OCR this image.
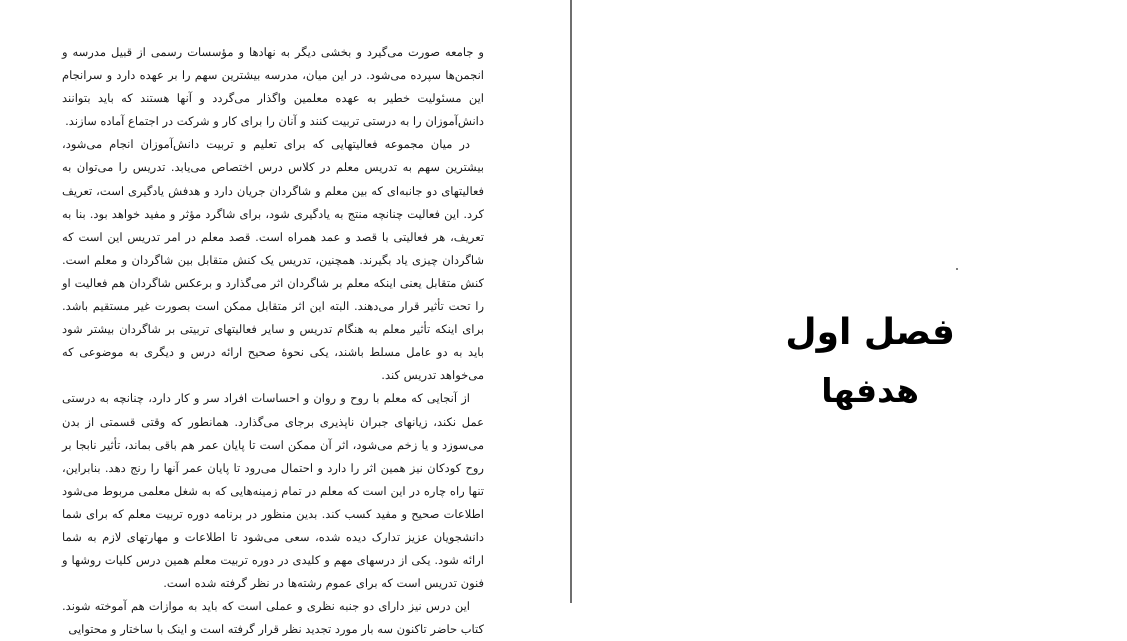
و جامعه صورت می‌گیرد و بخشی دیگر به نهادها و مؤسسات رسمی از قبیل مدرسه و انجمن‌ها سپرده می‌شود. در این میان، مدرسه بیشترین سهم را بر عهده دارد و سرانجام این مسئولیت خطیر به عهده معلمین واگذار می‌گردد و آنها هستند که باید بتوانند دانش‌آموزان را به درستی تربیت کنند و آنان را برای کار و شرکت در اجتماع آماده سازند.

در میان مجموعه فعالیتهایی که برای تعلیم و تربیت دانش‌آموزان انجام می‌شود، بیشترین سهم به تدریس معلم در کلاس درس اختصاص می‌یابد. تدریس را می‌توان به فعالیتهای دو جانبه‌ای که بین معلم و شاگردان جریان دارد و هدفش یادگیری است، تعریف کرد. این فعالیت چنانچه منتج به یادگیری شود، برای شاگرد مؤثر و مفید خواهد بود. بنا به تعریف، هر فعالیتی با قصد و عمد همراه است. قصد معلم در امر تدریس این است که شاگردان چیزی یاد بگیرند. همچنین، تدریس یک کنش متقابل بین شاگردان و معلم است. کنش متقابل یعنی اینکه معلم بر شاگردان اثر می‌گذارد و برعکس شاگردان هم فعالیت او را تحت تأثیر قرار می‌دهند. البته این اثر متقابل ممکن است بصورت غیر مستقیم باشد. برای اینکه تأثیر معلم به هنگام تدریس و سایر فعالیتهای تربیتی بر شاگردان بیشتر شود باید به دو عامل مسلط باشند، یکی نحوهٔ صحیح ارائه درس و دیگری به موضوعی که می‌خواهد تدریس کند.

از آنجایی که معلم با روح و روان و احساسات افراد سر و کار دارد، چنانچه به درستی عمل نکند، زیانهای جبران ناپذیری برجای می‌گذارد. همانطور که وقتی قسمتی از بدن می‌سوزد و یا زخم می‌شود، اثر آن ممکن است تا پایان عمر هم باقی بماند، تأثیر نابجا بر روح کودکان نیز همین اثر را دارد و احتمال می‌رود تا پایان عمر آنها را رنج دهد. بنابراین، تنها راه چاره در این است که معلم در تمام زمینه‌هایی که به شغل معلمی مربوط می‌شود اطلاعات صحیح و مفید کسب کند. بدین منظور در برنامه دوره تربیت معلم که برای شما دانشجویان عزیز تدارک دیده شده، سعی می‌شود تا اطلاعات و مهارتهای لازم به شما ارائه شود. یکی از درسهای مهم و کلیدی در دوره تربیت معلم همین درس کلیات روشها و فنون تدریس است که برای عموم رشته‌ها در نظر گرفته شده است.

این درس نیز دارای دو جنبه نظری و عملی است که باید به موازات هم آموخته شوند. کتاب حاضر تاکنون سه بار مورد تجدید نظر قرار گرفته است و اینک با ساختار و محتوایی

فصل اول
هدفها
